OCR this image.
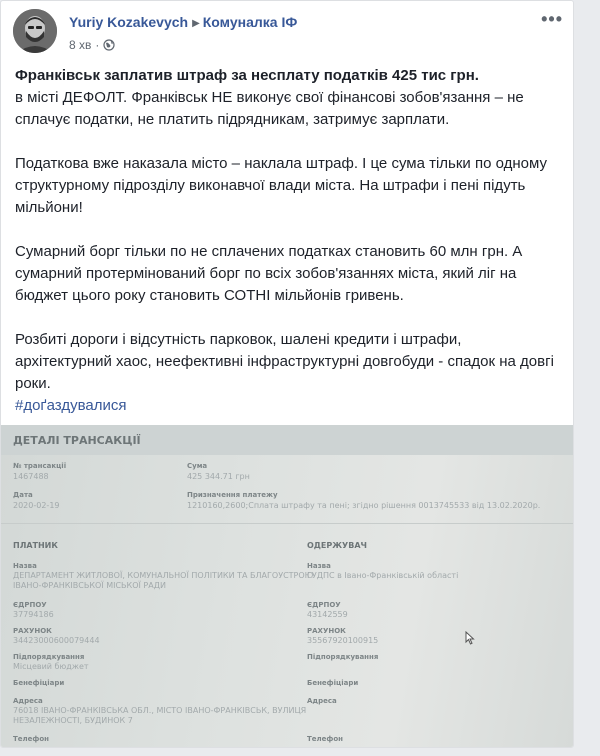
Yuriy Kozakevych ▶ Комуналка ІФ
8 хв ·
•••

Франківськ заплатив штраф за несплату податків 425 тис грн.
в місті ДЕФОЛТ. Франківськ НЕ виконує свої фінансові зобов'язання – не сплачує податки, не платить підрядникам, затримує зарплати.

Податкова вже наказала місто – наклала штраф. І це сума тільки по одному структурному підрозділу виконавчої влади міста. На штрафи і пені підуть мільйони!

Сумарний борг тільки по не сплачених податках становить 60 млн грн. А сумарний протермінований борг по всіх зобов'язаннях міста, який ліг на бюджет цього року становить СОТНІ мільйонів гривень.

Розбиті дороги і відсутність парковок, шалені кредити і штрафи, архітектурний хаос, неефективні інфраструктурні довгобуди - спадок на довгі роки.

#доґаздувалися
ДЕТАЛІ ТРАНСАКЦІЇ
№ трансакції
1467488
Сума
425 344.71 грн
Дата
2020-02-19
Призначення платежу
1210160,2600;Сплата штрафу та пені; згідно рішення 0013745533 від 13.02.2020р.
ПЛАТНИК	ОДЕРЖУВАЧ
Назва
ДЕПАРТАМЕНТ ЖИТЛОВОЇ, КОМУНАЛЬНОЇ ПОЛІТИКИ ТА БЛАГОУСТРОЮ
ІВАНО-ФРАНКІВСЬКОЇ МІСЬКОЇ РАДИ
Назва
ГУДПС в Івано-Франківській області
ЄДРПОУ
37794186
ЄДРПОУ
43142559
РАХУНОК
34423000600079444
РАХУНОК
35567920100915
Підпорядкування
Місцевий бюджет
Підпорядкування
Бенефіціари	Бенефіціари
Адреса
76018 ІВАНО-ФРАНКІВСЬКА ОБЛ., МІСТО ІВАНО-ФРАНКІВСЬК, ВУЛИЦЯ
НЕЗАЛЕЖНОСТІ, БУДИНОК 7
Адреса
Телефон	Телефон
